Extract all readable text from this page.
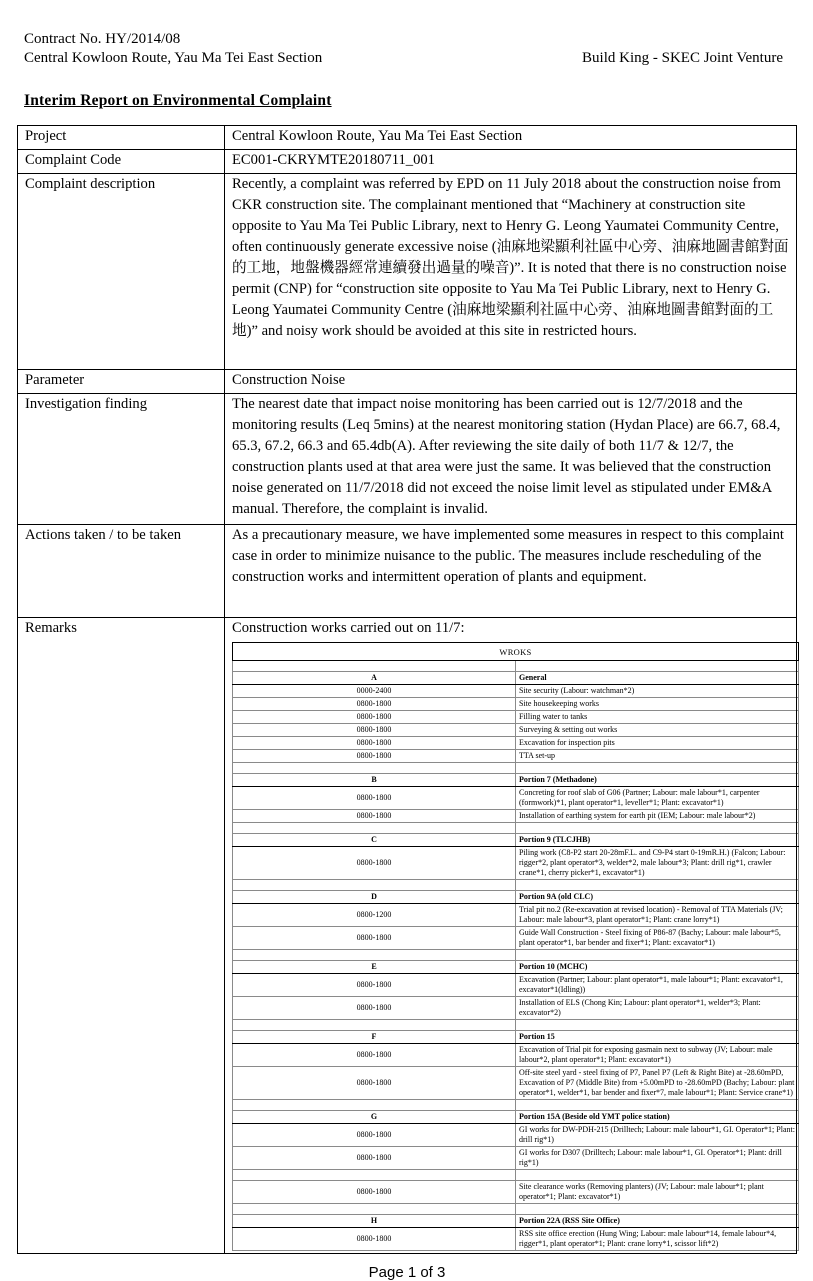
Contract No. HY/2014/08
Central Kowloon Route, Yau Ma Tei East Section	Build King - SKEC Joint Venture
Interim Report on Environmental Complaint
Project	Central Kowloon Route, Yau Ma Tei East Section
Complaint Code	EC001-CKRYMTE20180711_001
Complaint description	Recently, a complaint was referred by EPD on 11 July 2018 about the construction noise from CKR construction site. The complainant mentioned that “Machinery at construction site opposite to Yau Ma Tei Public Library, next to Henry G. Leong Yaumatei Community Centre, often continuously generate excessive noise (油麻地梁顯利社區中心旁、油麻地圖書館對面的工地，地盤機器經常連續發出過量的噪音)”. It is noted that there is no construction noise permit (CNP) for “construction site opposite to Yau Ma Tei Public Library, next to Henry G. Leong Yaumatei Community Centre (油麻地梁顯利社區中心旁、油麻地圖書館對面的工地)” and noisy work should be avoided at this site in restricted hours.
Parameter	Construction Noise
Investigation finding	The nearest date that impact noise monitoring has been carried out is 12/7/2018 and the monitoring results (Leq 5mins) at the nearest monitoring station (Hydan Place) are 66.7, 68.4, 65.3, 67.2, 66.3 and 65.4db(A). After reviewing the site daily of both 11/7 & 12/7, the construction plants used at that area were just the same. It was believed that the construction noise generated on 11/7/2018 did not exceed the noise limit level as stipulated under EM&A manual. Therefore, the complaint is invalid.
Actions taken / to be taken	As a precautionary measure, we have implemented some measures in respect to this complaint case in order to minimize nuisance to the public. The measures include rescheduling of the construction works and intermittent operation of plants and equipment.
Remarks	Construction works carried out on 11/7:

WROKS

A	General
0000-2400	Site security (Labour: watchman*2)
0800-1800	Site housekeeping works
0800-1800	Filling water to tanks
0800-1800	Surveying & setting out works
0800-1800	Excavation for inspection pits
0800-1800	TTA set-up

B	Portion 7 (Methadone)
0800-1800	Concreting for roof slab of G06 (Partner; Labour: male labour*1, carpenter (formwork)*1, plant operator*1, leveller*1; Plant: excavator*1)
0800-1800	Installation of earthing system for earth pit (IEM; Labour: male labour*2)

C	Portion 9 (TLCJHB)
0800-1800	Piling work (C8-P2 start 20-28mF.L. and C9-P4 start 0-19mR.H.) (Falcon; Labour: rigger*2, plant operator*3, welder*2, male labour*3; Plant: drill rig*1, crawler crane*1, cherry picker*1, excavator*1)

D	Portion 9A (old CLC)
0800-1200	Trial pit no.2 (Re-excavation at revised location) - Removal of TTA Materials (JV; Labour: male labour*3, plant operator*1; Plant: crane lorry*1)
0800-1800	Guide Wall Construction - Steel fixing of P86-87 (Bachy; Labour: male labour*5, plant operator*1, bar bender and fixer*1; Plant: excavator*1)

E	Portion 10 (MCHC)
0800-1800	Excavation (Partner; Labour: plant operator*1, male labour*1; Plant: excavator*1, excavator*1(Idling))
0800-1800	Installation of ELS (Chong Kin; Labour: plant operator*1, welder*3; Plant: excavator*2)

F	Portion 15
0800-1800	Excavation of Trial pit for exposing gasmain next to subway (JV; Labour: male labour*2, plant operator*1; Plant: excavator*1)
0800-1800	Off-site steel yard - steel fixing of P7, Panel P7 (Left & Right Bite) at -28.60mPD, Excavation of P7 (Middle Bite) from +5.00mPD to -28.60mPD (Bachy; Labour: plant operator*1, welder*1, bar bender and fixer*7, male labour*1; Plant: Service crane*1)

G	Portion 15A (Beside old YMT police station)
0800-1800	GI works for DW-PDH-215 (Drilltech; Labour: male labour*1, GI. Operator*1; Plant: drill rig*1)
0800-1800	GI works for D307 (Drilltech; Labour: male labour*1, GI. Operator*1; Plant: drill rig*1)

0800-1800	Site clearance works (Removing planters) (JV; Labour: male labour*1; plant operator*1; Plant: excavator*1)

H	Portion 22A (RSS Site Office)
0800-1800	RSS site office erection (Hung Wing; Labour: male labour*14, female labour*4, rigger*1, plant operator*1; Plant: crane lorry*1, scissor lift*2)
Page 1 of 3
